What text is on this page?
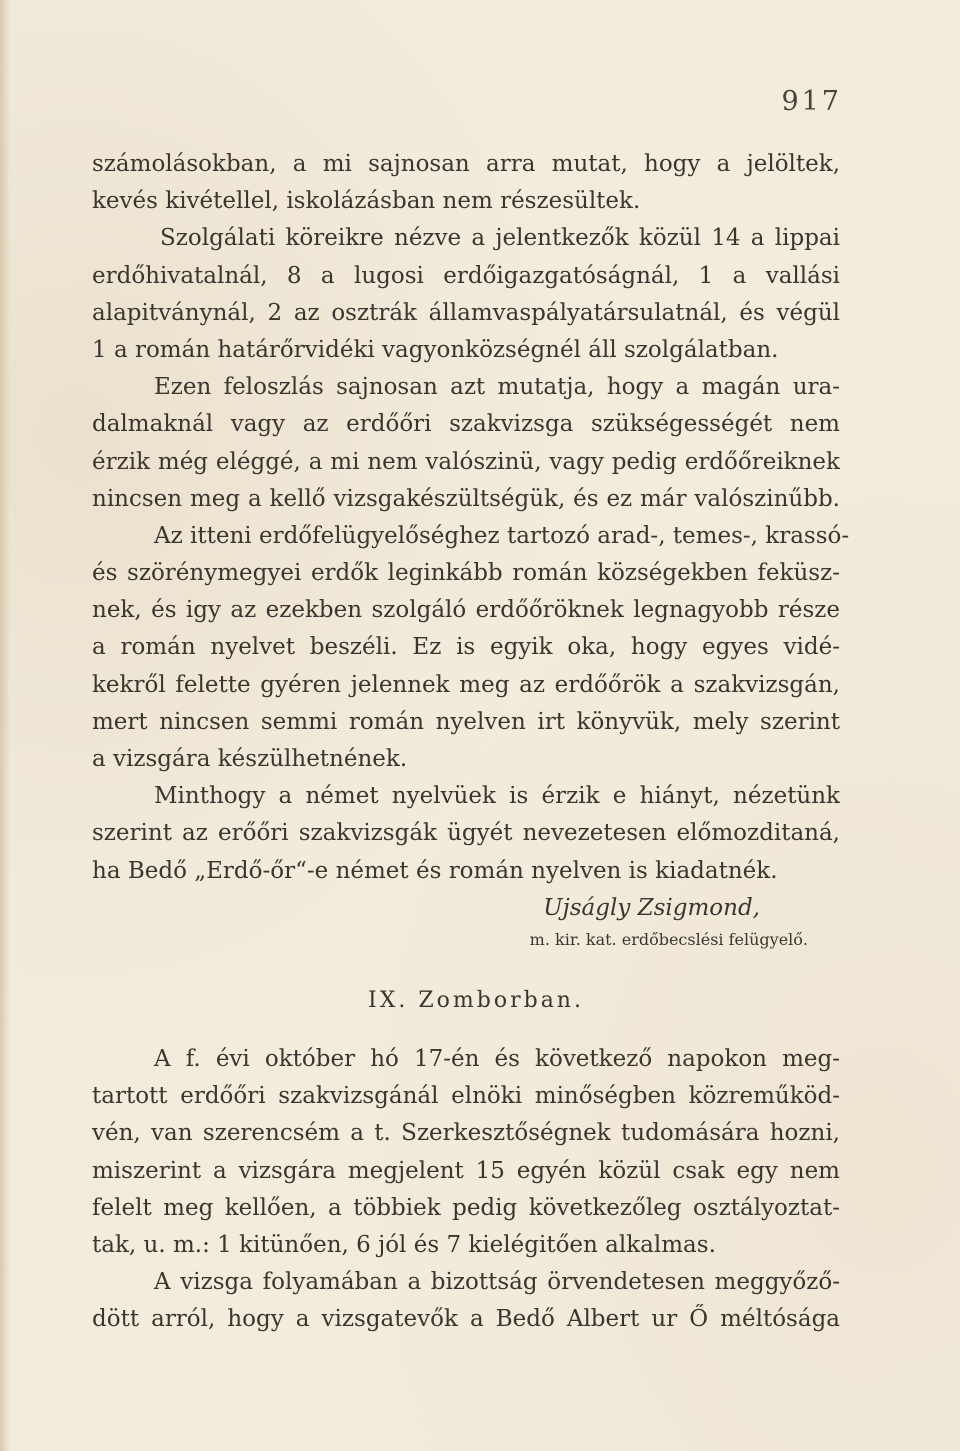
917
számolásokban, a mi sajnosan arra mutat, hogy a jelöltek,
kevés kivétellel, iskolázásban nem részesültek.
Szolgálati köreikre nézve a jelentkezők közül 14 a lippai
erdőhivatalnál, 8 a lugosi erdőigazgatóságnál, 1 a vallási
alapitványnál, 2 az osztrák államvaspályatársulatnál, és végül
1 a román határőrvidéki vagyonközségnél áll szolgálatban.
Ezen feloszlás sajnosan azt mutatja, hogy a magán ura-
dalmaknál vagy az erdőőri szakvizsga szükségességét nem
érzik még eléggé, a mi nem valószinü, vagy pedig erdőőreiknek
nincsen meg a kellő vizsgakészültségük, és ez már valószinűbb.
Az itteni erdőfelügyelőséghez tartozó arad-, temes-, krassó-
és szörénymegyei erdők leginkább román községekben feküsz-
nek, és igy az ezekben szolgáló erdőőröknek legnagyobb része
a román nyelvet beszéli. Ez is egyik oka, hogy egyes vidé-
kekről felette gyéren jelennek meg az erdőőrök a szakvizsgán,
mert nincsen semmi román nyelven irt könyvük, mely szerint
a vizsgára készülhetnének.
Minthogy a német nyelvüek is érzik e hiányt, nézetünk
szerint az erőőri szakvizsgák ügyét nevezetesen előmozditaná,
ha Bedő „Erdő-őr“-e német és román nyelven is kiadatnék.
Ujságly Zsigmond,
m. kir. kat. erdőbecslési felügyelő.
IX. Zomborban.
A f. évi október hó 17-én és következő napokon meg-
tartott erdőőri szakvizsgánál elnöki minőségben közreműköd-
vén, van szerencsém a t. Szerkesztőségnek tudomására hozni,
miszerint a vizsgára megjelent 15 egyén közül csak egy nem
felelt meg kellően, a többiek pedig következőleg osztályoztat-
tak, u. m.: 1 kitünően, 6 jól és 7 kielégitően alkalmas.
A vizsga folyamában a bizottság örvendetesen meggyőző-
dött arról, hogy a vizsgatevők a Bedő Albert ur Ő méltósága
